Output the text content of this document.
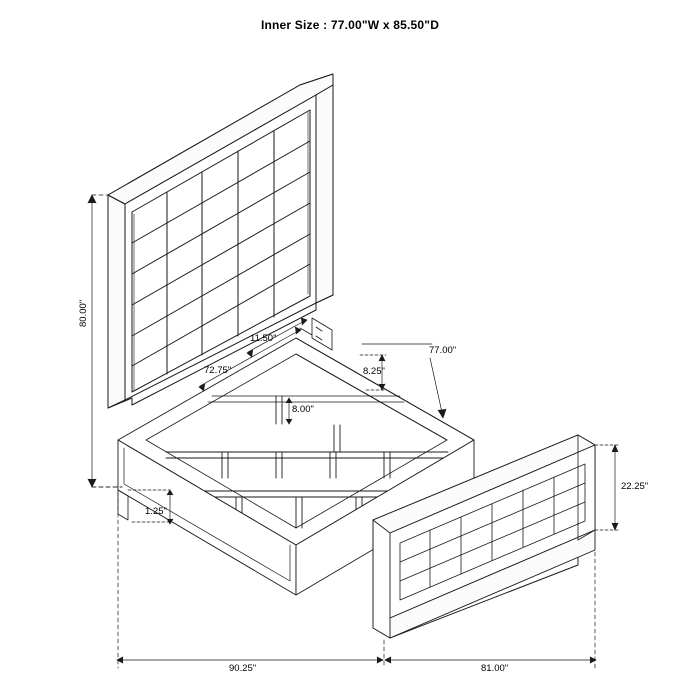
Inner Size : 77.00"W x 85.50"D
80.00"
72.75"
11.50"
8.25"
8.00"
77.00"
22.25"
1.25"
90.25"	81.00"
